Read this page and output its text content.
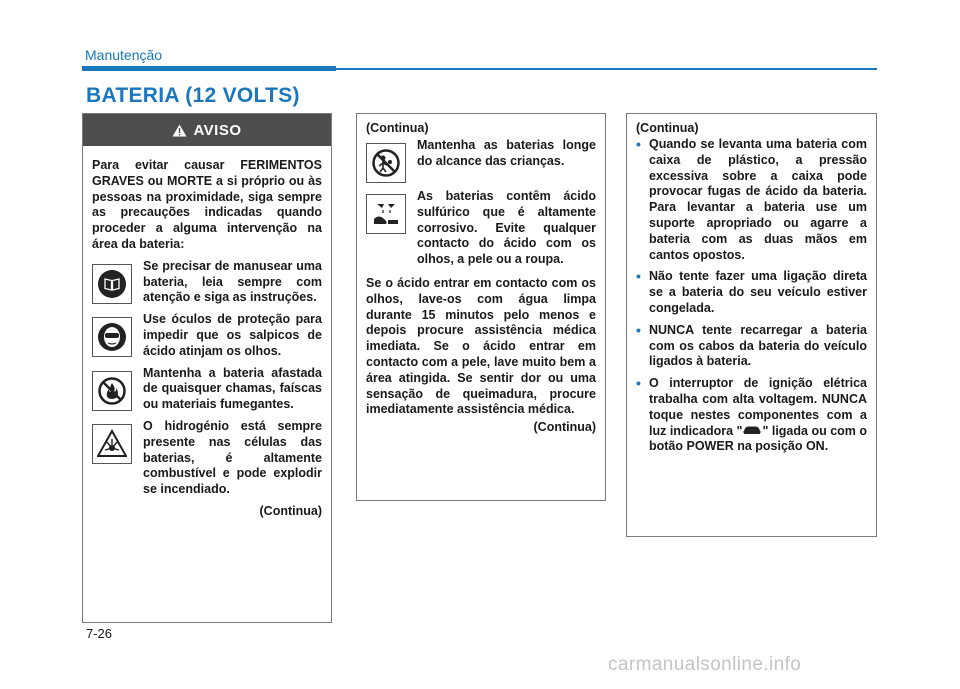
Manutenção
BATERIA (12 VOLTS)
AVISO
Para evitar causar FERIMENTOS GRAVES ou MORTE a si próprio ou às pessoas na proximidade, siga sempre as precauções indicadas quando proceder a alguma intervenção na área da bateria:
Se precisar de manusear uma bateria, leia sempre com atenção e siga as instruções.
Use óculos de proteção para impedir que os salpicos de ácido atinjam os olhos.
Mantenha a bateria afastada de quaisquer chamas, faíscas ou materiais fumegantes.
O hidrogénio está sempre presente nas células das baterias, é altamente combustível e pode explodir se incendiado.
(Continua)
(Continua)
Mantenha as baterias longe do alcance das crianças.
As baterias contêm ácido sulfúrico que é altamente corrosivo. Evite qualquer contacto do ácido com os olhos, a pele ou a roupa.
Se o ácido entrar em contacto com os olhos, lave-os com água limpa durante 15 minutos pelo menos e depois procure assistência médica imediata. Se o ácido entrar em contacto com a pele, lave muito bem a área atingida. Se sentir dor ou uma sensação de queimadura, procure imediatamente assistência médica.
(Continua)
(Continua)
• Quando se levanta uma bateria com caixa de plástico, a pressão excessiva sobre a caixa pode provocar fugas de ácido da bateria. Para levantar a bateria use um suporte apropriado ou agarre a bateria com as duas mãos em cantos opostos.
• Não tente fazer uma ligação direta se a bateria do seu veículo estiver congelada.
• NUNCA tente recarregar a bateria com os cabos da bateria do veículo ligados à bateria.
• O interruptor de ignição elétrica trabalha com alta voltagem. NUNCA toque nestes componentes com a luz indicadora " " ligada ou com o botão POWER na posição ON.
7-26
carmanualsonline.info
